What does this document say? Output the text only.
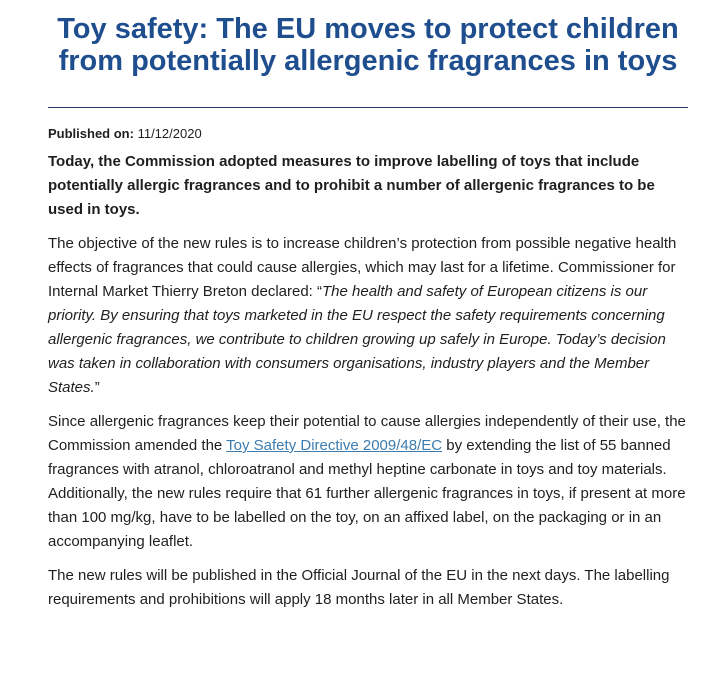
Toy safety: The EU moves to protect children from potentially allergenic fragrances in toys
Published on: 11/12/2020

Today, the Commission adopted measures to improve labelling of toys that include potentially allergic fragrances and to prohibit a number of allergenic fragrances to be used in toys.

The objective of the new rules is to increase children’s protection from possible negative health effects of fragrances that could cause allergies, which may last for a lifetime. Commissioner for Internal Market Thierry Breton declared: “The health and safety of European citizens is our priority. By ensuring that toys marketed in the EU respect the safety requirements concerning allergenic fragrances, we contribute to children growing up safely in Europe. Today’s decision was taken in collaboration with consumers organisations, industry players and the Member States.”

Since allergenic fragrances keep their potential to cause allergies independently of their use, the Commission amended the Toy Safety Directive 2009/48/EC by extending the list of 55 banned fragrances with atranol, chloroatranol and methyl heptine carbonate in toys and toy materials. Additionally, the new rules require that 61 further allergenic fragrances in toys, if present at more than 100 mg/kg, have to be labelled on the toy, on an affixed label, on the packaging or in an accompanying leaflet.

The new rules will be published in the Official Journal of the EU in the next days. The labelling requirements and prohibitions will apply 18 months later in all Member States.
